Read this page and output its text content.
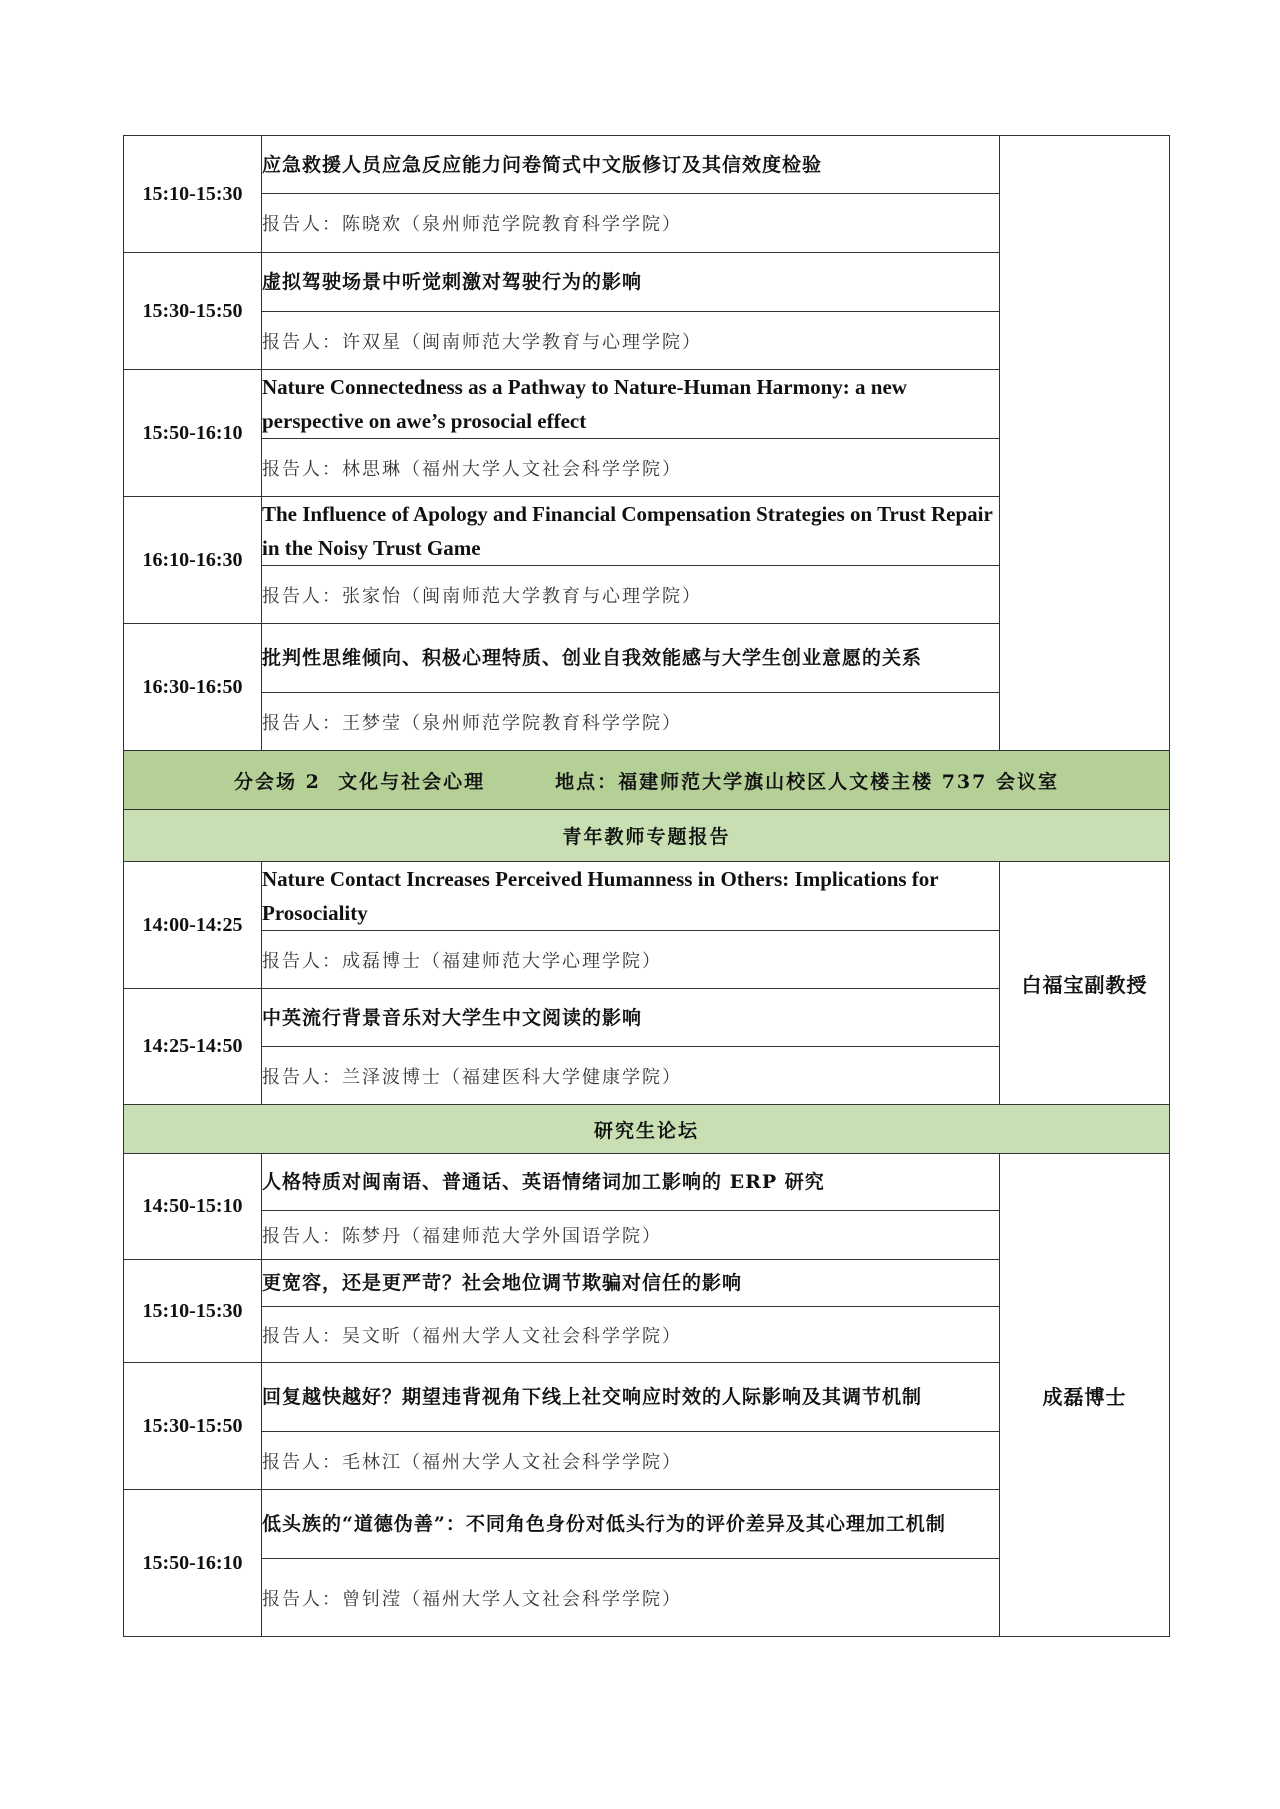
15:10-15:30	应急救援人员应急反应能力问卷简式中文版修订及其信效度检验	
	报告人：陈晓欢（泉州师范学院教育科学学院）	
15:30-15:50	虚拟驾驶场景中听觉刺激对驾驶行为的影响	
	报告人：许双星（闽南师范大学教育与心理学院）	
15:50-16:10	Nature Connectedness as a Pathway to Nature-Human Harmony: a new perspective on awe’s prosocial effect	
	报告人：林思琳（福州大学人文社会科学学院）	
16:10-16:30	The Influence of Apology and Financial Compensation Strategies on Trust Repair in the Noisy Trust Game	
	报告人：张家怡（闽南师范大学教育与心理学院）	
16:30-16:50	批判性思维倾向、积极心理特质、创业自我效能感与大学生创业意愿的关系	
	报告人：王梦莹（泉州师范学院教育科学学院）	
分会场 2  文化与社会心理 地点：福建师范大学旗山校区人文楼主楼 737 会议室		
青年教师专题报告		
14:00-14:25	Nature Contact Increases Perceived Humanness in Others: Implications for Prosociality	白福宝副教授
	报告人：成磊博士（福建师范大学心理学院）	
14:25-14:50	中英流行背景音乐对大学生中文阅读的影响	
	报告人：兰泽波博士（福建医科大学健康学院）	
研究生论坛		
14:50-15:10	人格特质对闽南语、普通话、英语情绪词加工影响的 ERP 研究	成磊博士
	报告人：陈梦丹（福建师范大学外国语学院）	
15:10-15:30	更宽容，还是更严苛？社会地位调节欺骗对信任的影响	
	报告人：吴文昕（福州大学人文社会科学学院）	
15:30-15:50	回复越快越好？期望违背视角下线上社交响应时效的人际影响及其调节机制	
	报告人：毛林江（福州大学人文社会科学学院）	
15:50-16:10	低头族的“道德伪善”：不同角色身份对低头行为的评价差异及其心理加工机制	
	报告人：曾钊滢（福州大学人文社会科学学院）	
